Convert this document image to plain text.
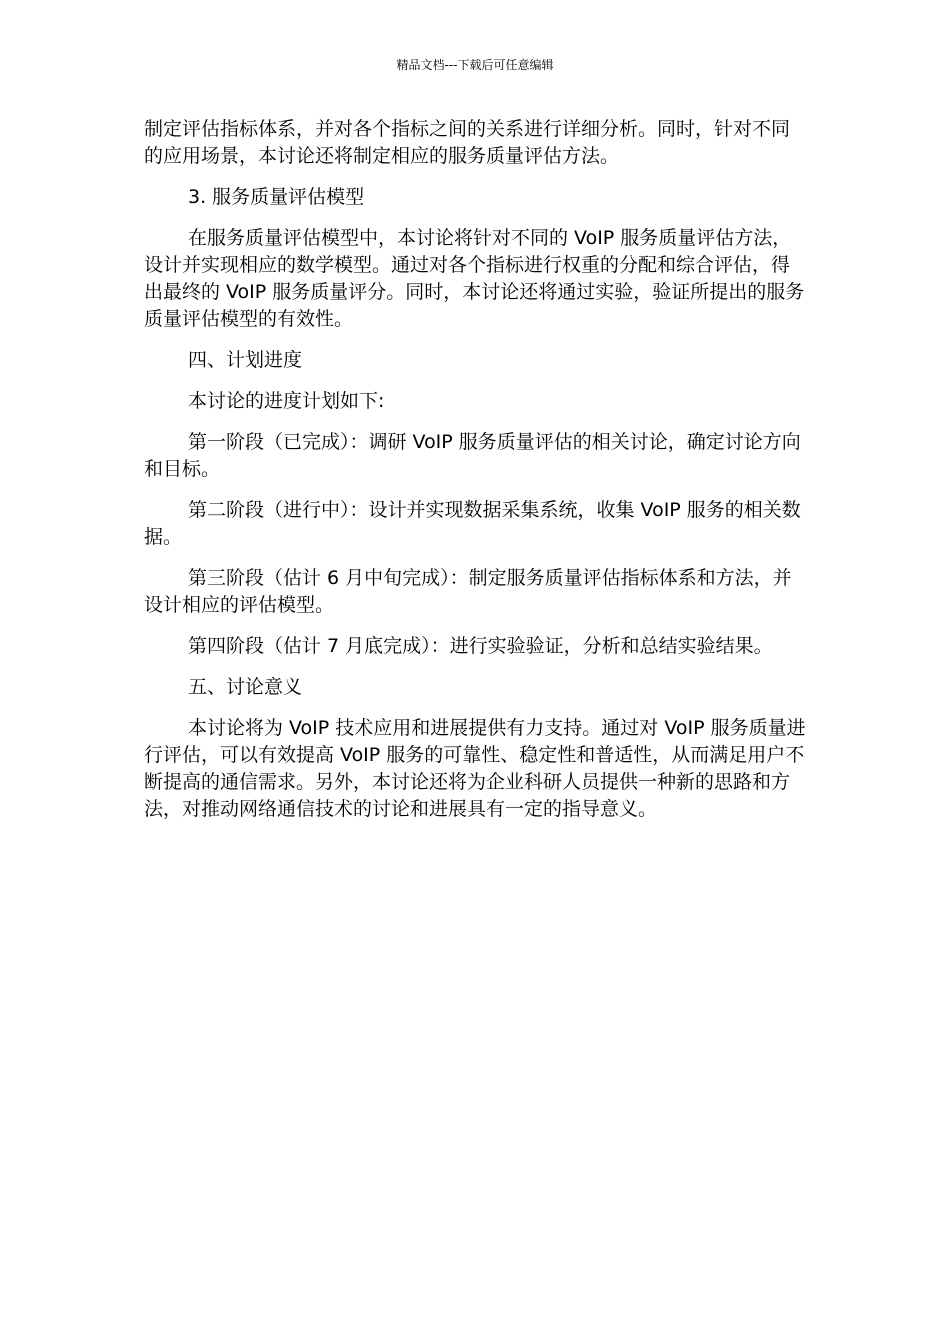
精品文档---下载后可任意编辑

制定评估指标体系，并对各个指标之间的关系进行详细分析。同时，针对不同的应用场景，本讨论还将制定相应的服务质量评估方法。

3. 服务质量评估模型

在服务质量评估模型中，本讨论将针对不同的 VoIP 服务质量评估方法，设计并实现相应的数学模型。通过对各个指标进行权重的分配和综合评估，得出最终的 VoIP 服务质量评分。同时，本讨论还将通过实验，验证所提出的服务质量评估模型的有效性。

四、计划进度

本讨论的进度计划如下:

第一阶段（已完成）：调研 VoIP 服务质量评估的相关讨论，确定讨论方向和目标。

第二阶段（进行中）：设计并实现数据采集系统，收集 VoIP 服务的相关数据。

第三阶段（估计 6 月中旬完成）：制定服务质量评估指标体系和方法，并设计相应的评估模型。

第四阶段（估计 7 月底完成）：进行实验验证，分析和总结实验结果。

五、讨论意义

本讨论将为 VoIP 技术应用和进展提供有力支持。通过对 VoIP 服务质量进行评估，可以有效提高 VoIP 服务的可靠性、稳定性和普适性，从而满足用户不断提高的通信需求。另外，本讨论还将为企业科研人员提供一种新的思路和方法，对推动网络通信技术的讨论和进展具有一定的指导意义。
